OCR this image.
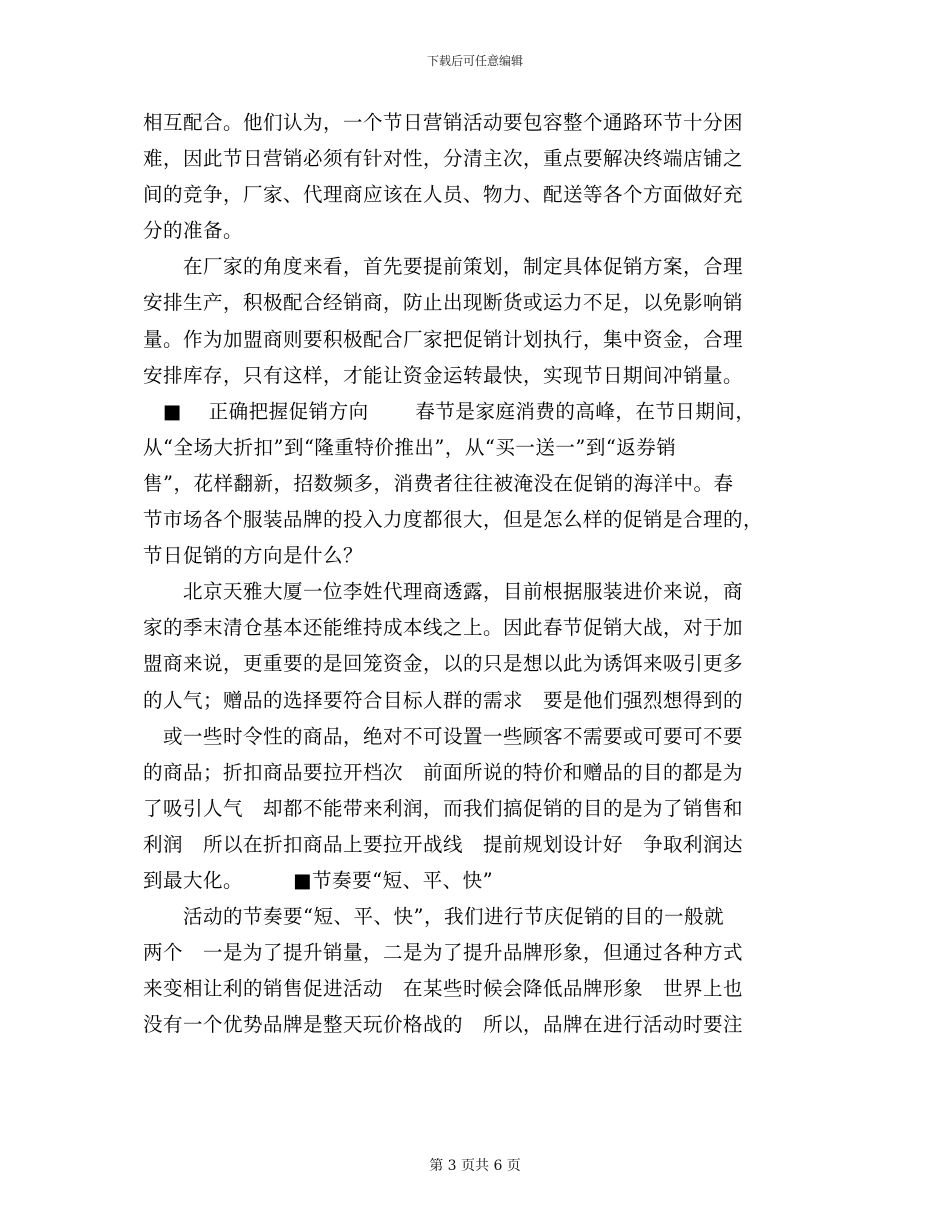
下载后可任意编辑
相互配合。他们认为，一个节日营销活动要包容整个通路环节十分困
难，因此节日营销必须有针对性，分清主次，重点要解决终端店铺之
间的竞争，厂家、代理商应该在人员、物力、配送等各个方面做好充
分的准备。
　　在厂家的角度来看，首先要提前策划，制定具体促销方案，合理
安排生产，积极配合经销商，防止出现断货或运力不足，以免影响销
量。作为加盟商则要积极配合厂家把促销计划执行，集中资金，合理
安排库存，只有这样，才能让资金运转最快，实现节日期间冲销量。
　■　 正确把握促销方向　　 春节是家庭消费的高峰，在节日期间，
从“全场大折扣”到“隆重特价推出”，从“买一送一”到“返券销
售”，花样翻新，招数频多，消费者往往被淹没在促销的海洋中。春
节市场各个服装品牌的投入力度都很大，但是怎么样的促销是合理的，
节日促销的方向是什么？
　　北京天雅大厦一位李姓代理商透露，目前根据服装进价来说，商
家的季末清仓基本还能维持成本线之上。因此春节促销大战，对于加
盟商来说，更重要的是回笼资金，以的只是想以此为诱饵来吸引更多
的人气；赠品的选择要符合目标人群的需求　要是他们强烈想得到的
　或一些时令性的商品，绝对不可设置一些顾客不需要或可要可不要
的商品；折扣商品要拉开档次　前面所说的特价和赠品的目的都是为
了吸引人气　却都不能带来利润，而我们搞促销的目的是为了销售和
利润　所以在折扣商品上要拉开战线　提前规划设计好　争取利润达
到最大化。　　　■节奏要“短、平、快”
　　活动的节奏要“短、平、快”，我们进行节庆促销的目的一般就
两个　一是为了提升销量，二是为了提升品牌形象，但通过各种方式
来变相让利的销售促进活动　在某些时候会降低品牌形象　世界上也
没有一个优势品牌是整天玩价格战的　所以，品牌在进行活动时要注
第 3 页共 6 页
